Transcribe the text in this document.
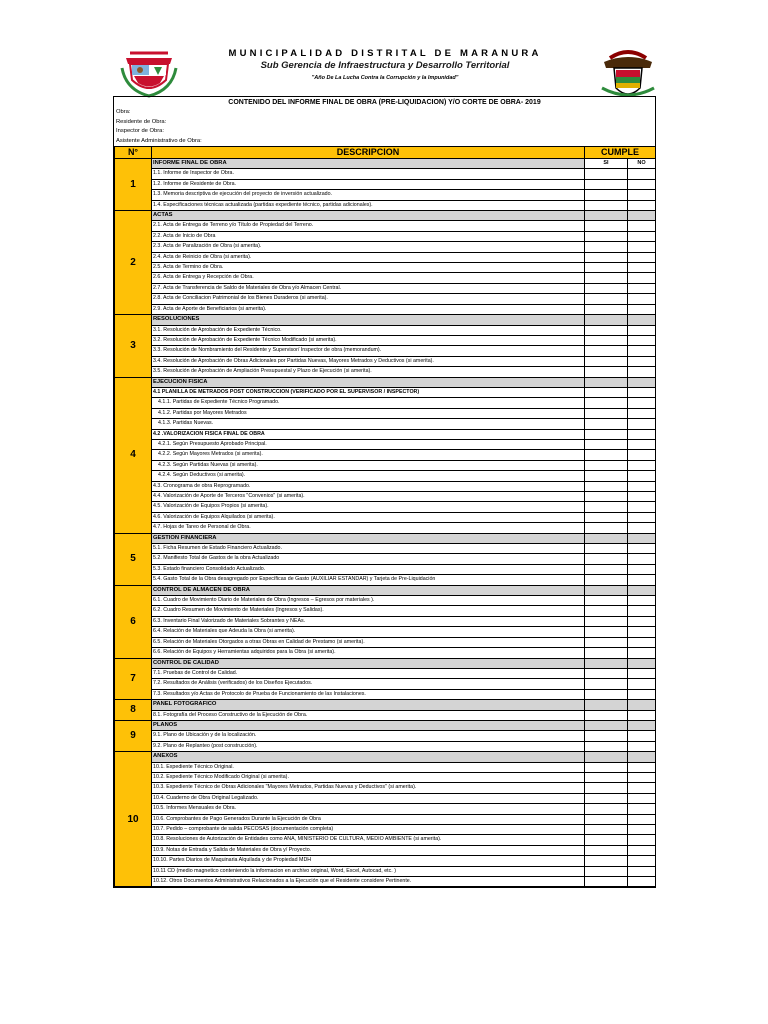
MUNICIPALIDAD DISTRITAL DE MARANURA
Sub Gerencia de Infraestructura y Desarrollo Territorial
"Año De La Lucha Contra la Corrupción y la Impunidad"
CONTENIDO DEL INFORME FINAL DE OBRA (PRE-LIQUIDACION) Y/O CORTE DE OBRA- 2019
Obra:
Residente de Obra:
Inspector de Obra:
Asistente Administrativo de Obra:
N°	DESCRIPCION	CUMPLE	
1	INFORME FINAL DE OBRA	SI	NO
	1.1. Informe de Inspector de Obra.		
	1.2. Informe de Residente de Obra.		
	1.3. Memoria descriptiva de ejecución del proyecto de inversión actualizado.		
	1.4. Especificaciones técnicas actualizada (partidas expediente técnico, partidas adicionales).		
2	ACTAS		
	2.1. Acta de Entrega de Terreno y/o Título de Propiedad del Terreno.		
	2.2. Acta de Inicio de Obra		
	2.3. Acta de Paralización de Obra (si amerita).		
	2.4. Acta de Reinicio de Obra (si amerita).		
	2.5. Acta de Termino de Obra.		
	2.6. Acta de Entrega y Recepción de Obra.		
	2.7. Acta de Transferencia de Saldo de Materiales de Obra y/o Almacen Central.		
	2.8. Acta de Conciliacion Patrimonial de los Bienes Duraderos (si amerita).		
	2.9. Acta de Aporte de Beneficiarios (si amerita).		
3	RESOLUCIONES		
	3.1. Resolución de Aprobación de Expediente Técnico.		
	3.2. Resolución de Aprobación de Expediente Técnico Modificado (si amerita).		
	3.3. Resolución de Nombramiento del Residente y Supervisor/ Inspector de obra (memorandum).		
	3.4. Resolución de Aprobación de Obras Adicionales por Partidas Nuevas, Mayores Metrados y Deductivos (si amerita).		
	3.5. Resolución de Aprobación de Ampliación Presupuestal y Plazo de Ejecución (si amerita).		
4	EJECUCION FISICA		
	4.1 PLANILLA DE METRADOS POST CONSTRUCCION (VERIFICADO POR EL SUPERVISOR / INSPECTOR)		
	4.1.1. Partidas de Expediente Técnico Programado.		
	4.1.2. Partidas por Mayores Metrados		
	4.1.3. Partidas Nuevas.		
	4.2 .VALORIZACION FISICA FINAL DE OBRA		
	4.2.1. Según Presupuesto Aprobado Principal.		
	4.2.2. Según Mayores Metrados (si amerita).		
	4.2.3. Según Partidas Nuevas (si amerita).		
	4.2.4. Según Deductivos (si amerita).		
	4.3. Cronograma de obra Reprogramado.		
	4.4. Valorización de Aporte de Terceros "Convenios" (si amerita).		
	4.5. Valorización de Equipos Propios (si amerita).		
	4.6. Valorización de Equipos Alquilados (si amerita).		
	4.7. Hojas de Tareo de Personal de Obra.		
5	GESTION FINANCIERA		
	5.1. Ficha Resumen de Estado Financiero Actualizado.		
	5.2. Manifiesto Total de Gastos de la obra Actualizado		
	5.3. Estado financiero Consolidado Actualizado.		
	5.4. Gasto Total de la Obra desagregado por Específicas de Gasto (AUXILIAR ESTANDAR) y Tarjeta de Pre-Liquidación		
6	CONTROL DE ALMACEN DE OBRA		
	6.1. Cuadro de Movimiento Diario de Materiales de Obra (Ingresos – Egresos por materiales ).		
	6.2. Cuadro Resumen de Movimiento de Materiales (Ingresos y Salidas).		
	6.3. Inventario Final Valorizado de Materiales Sobrantes y NEAs.		
	6.4. Relación de Materiales que Adeuda la Obra (si amerita).		
	6.5. Relación de Materiales Otorgados a otras Obras en Calidad de Prestamo (si amerita).		
	6.6. Relación de Equipos y Herramientas adquiridos para la Obra (si amerita).		
7	CONTROL DE CALIDAD		
	7.1. Pruebas de Control de Calidad.		
	7.2. Resultados de Análisis (verificados) de los Diseños Ejecutados.		
	7.3. Resultados y/o Actas de Protocolo de Prueba de Funcionamiento de las Instalaciones.		
8	PANEL FOTOGRAFICO		
	8.1. Fotografía del Proceso Constructivo de la Ejecución de Obra.		
9	PLANOS		
	9.1. Plano de Ubicación y de la localización.		
	9.2. Plano de Replanteo (post construcción).		
10	ANEXOS		
	10.1. Expediente Técnico Original.		
	10.2. Expediente Técnico Modificado Original (si amerita).		
	10.3. Expediente Técnico de Obras Adicionales "Mayores Metrados, Partidas Nuevas y Deductivos" (si amerita).		
	10.4. Cuaderno de Obra Original Legalizado.		
	10.5. Informes Mensuales de Obra.		
	10.6. Comprobantes de Pago Generados Durante la Ejecución de Obra		
	10.7. Pedido – comprobante de salida PECOSAS (documentación completa)		
	10.8. Resoluciones de Autorización de Entidades como ANA, MINISTERIO DE CULTURA, MEDIO AMBIENTE (si amerita).		
	10.9. Notas de Entrada y Salida de Materiales de Obra y/ Proyecto.		
	10.10. Partes Diarios de Maquinaria Alquilada y de Propiedad MDH		
	10.11 CD (medio magnetico conteniendo la informacion en archivo original, Word, Excel, Autocad, etc. )		
	10.12. Otros Documentos Administrativos Relacionados a la Ejecución que el Residente considere Pertinente.		
